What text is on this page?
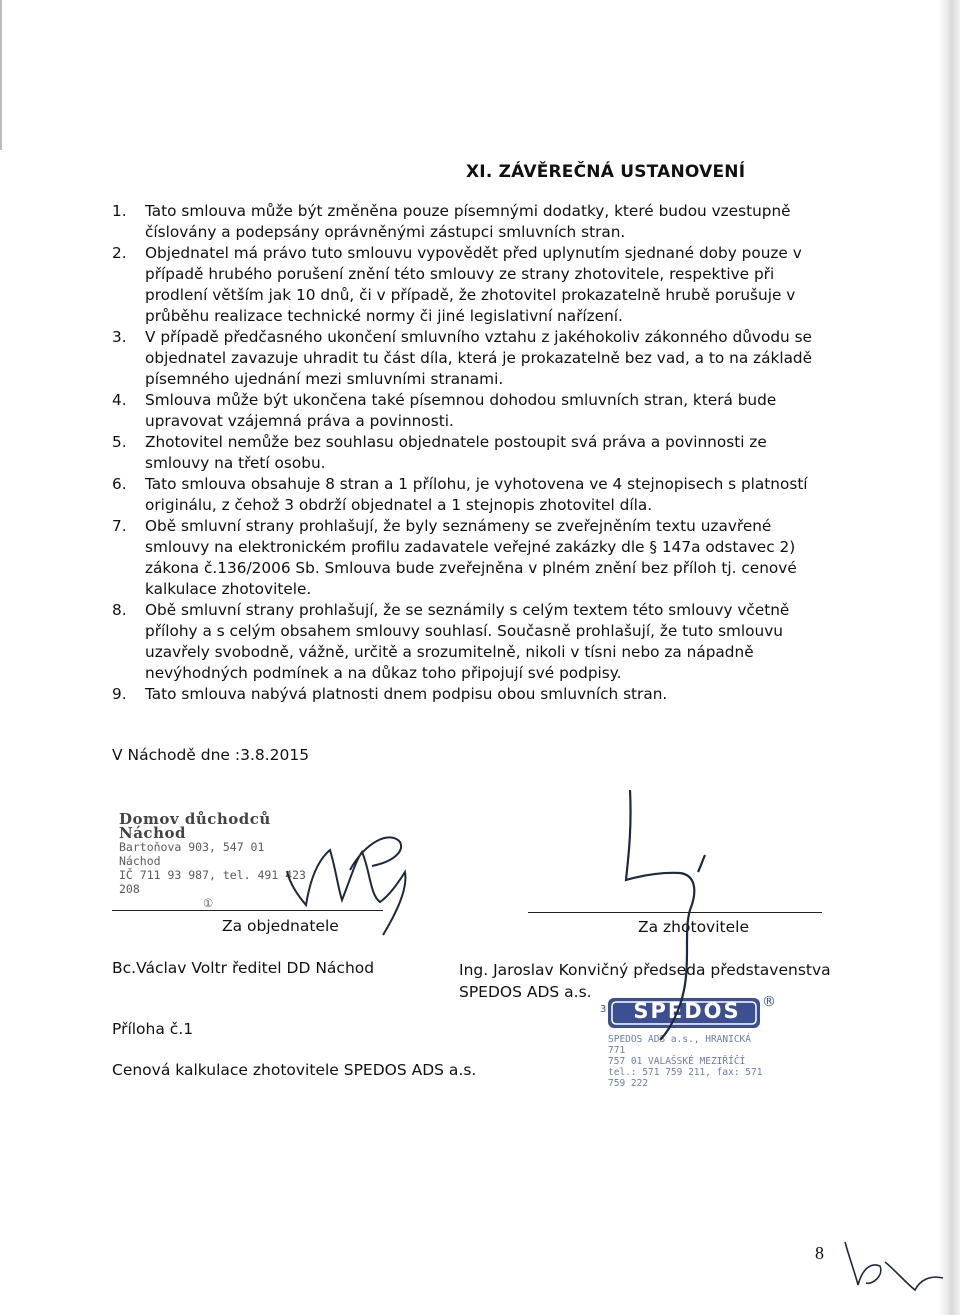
XI. ZÁVĚREČNÁ USTANOVENÍ
1.	Tato smlouva může být změněna pouze písemnými dodatky, které budou vzestupně číslovány a podepsány oprávněnými zástupci smluvních stran.
2.	Objednatel má právo tuto smlouvu vypovědět před uplynutím sjednané doby pouze v případě hrubého porušení znění této smlouvy ze strany zhotovitele, respektive při prodlení větším jak 10 dnů, či v případě, že zhotovitel prokazatelně hrubě porušuje v průběhu realizace technické normy či jiné legislativní nařízení.
3.	V případě předčasného ukončení smluvního vztahu z jakéhokoliv zákonného důvodu se objednatel zavazuje uhradit tu část díla, která je prokazatelně bez vad, a to na základě písemného ujednání mezi smluvními stranami.
4.	Smlouva může být ukončena také písemnou dohodou smluvních stran, která bude upravovat vzájemná práva a povinnosti.
5.	Zhotovitel nemůže bez souhlasu objednatele postoupit svá práva a povinnosti ze smlouvy na třetí osobu.
6.	Tato smlouva obsahuje 8 stran a 1 přílohu, je vyhotovena ve 4 stejnopisech s platností originálu, z čehož 3 obdrží objednatel a 1 stejnopis zhotovitel díla.
7.	Obě smluvní strany prohlašují, že byly seznámeny se zveřejněním textu uzavřené smlouvy na elektronickém profilu zadavatele veřejné zakázky dle § 147a odstavec 2) zákona č.136/2006 Sb. Smlouva bude zveřejněna v plném znění bez příloh tj. cenové kalkulace zhotovitele.
8.	Obě smluvní strany prohlašují, že se seznámily s celým textem této smlouvy včetně přílohy a s celým obsahem smlouvy souhlasí. Současně prohlašují, že tuto smlouvu uzavřely svobodně, vážně, určitě a srozumitelně, nikoli v tísni nebo za nápadně nevýhodných podmínek a na důkaz toho připojují své podpisy.
9.	Tato smlouva nabývá platnosti dnem podpisu obou smluvních stran.
V Náchodě dne :3.8.2015
Domov důchodců Náchod
Bartoňova 903, 547 01 Náchod
IČ 711 93 987, tel. 491 423 208
①
Za objednatele	Za zhotovitele
Bc.Václav Voltr ředitel DD Náchod	Ing. Jaroslav Konvičný předseda představenstva
SPEDOS ADS a.s.
SPEDOS
3	®
SPEDOS ADS a.s., HRANICKÁ 771
757 01 VALAŠSKÉ MEZIŘÍČÍ
tel.: 571 759 211, fax: 571 759 222
Příloha č.1
Cenová kalkulace zhotovitele SPEDOS ADS a.s.
8
